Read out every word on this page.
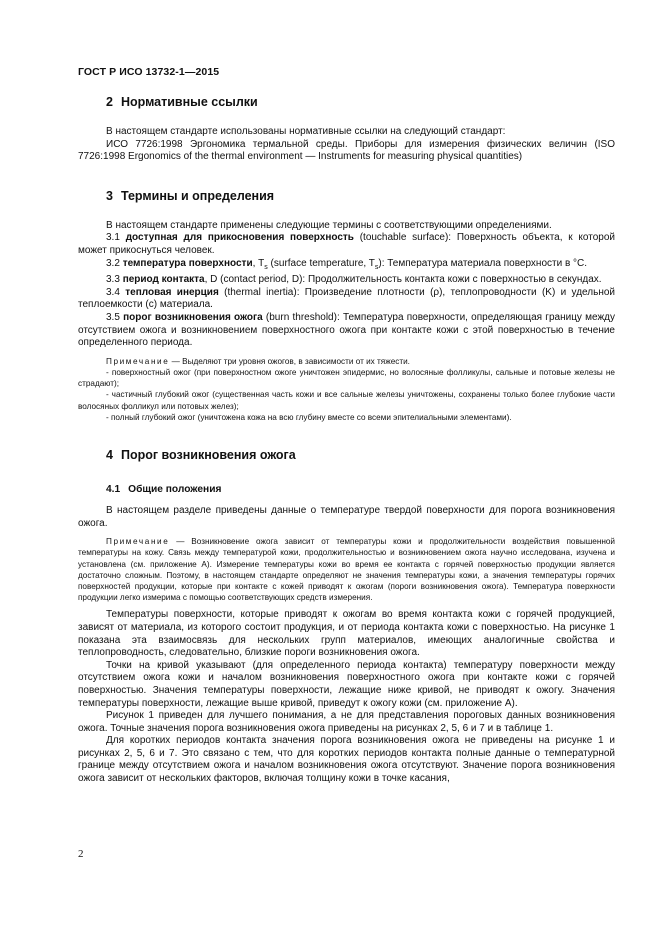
ГОСТ Р ИСО 13732-1—2015
2 Нормативные ссылки

В настоящем стандарте использованы нормативные ссылки на следующий стандарт:

ИСО 7726:1998 Эргономика термальной среды. Приборы для измерения физических величин (ISO 7726:1998 Ergonomics of the thermal environment — Instruments for measuring physical quantities)

3 Термины и определения

В настоящем стандарте применены следующие термины с соответствующими определениями.

3.1 доступная для прикосновения поверхность (touchable surface): Поверхность объекта, к которой может прикоснуться человек.

3.2 температура поверхности, $T_s$ (surface temperature, $T_s$): Температура материала поверхности в °C.

3.3 период контакта, D (contact period, D): Продолжительность контакта кожи с поверхностью в секундах.

3.4 тепловая инерция (thermal inertia): Произведение плотности (ρ), теплопроводности (K) и удельной теплоемкости (c) материала.

3.5 порог возникновения ожога (burn threshold): Температура поверхности, определяющая границу между отсутствием ожога и возникновением поверхностного ожога при контакте кожи с этой поверхностью в течение определенного периода.

Примечание — Выделяют три уровня ожогов, в зависимости от их тяжести.

- поверхностный ожог (при поверхностном ожоге уничтожен эпидермис, но волосяные фолликулы, сальные и потовые железы не страдают);

- частичный глубокий ожог (существенная часть кожи и все сальные железы уничтожены, сохранены только более глубокие части волосяных фолликул или потовых желез);

- полный глубокий ожог (уничтожена кожа на всю глубину вместе со всеми эпителиальными элементами).

4 Порог возникновения ожога
4.1 Общие положения

В настоящем разделе приведены данные о температуре твердой поверхности для порога возникновения ожога.

Примечание — Возникновение ожога зависит от температуры кожи и продолжительности воздействия повышенной температуры на кожу. Связь между температурой кожи, продолжительностью и возникновением ожога научно исследована, изучена и установлена (см. приложение А). Измерение температуры кожи во время ее контакта с горячей поверхностью продукции является достаточно сложным. Поэтому, в настоящем стандарте определяют не значения температуры кожи, а значения температуры горячих поверхностей продукции, которые при контакте с кожей приводят к ожогам (пороги возникновения ожога). Температура поверхности продукции легко измерима с помощью соответствующих средств измерения.

Температуры поверхности, которые приводят к ожогам во время контакта кожи с горячей продукцией, зависят от материала, из которого состоит продукция, и от периода контакта кожи с поверхностью. На рисунке 1 показана эта взаимосвязь для нескольких групп материалов, имеющих аналогичные свойства и теплопроводность, следовательно, близкие пороги возникновения ожога.

Точки на кривой указывают (для определенного периода контакта) температуру поверхности между отсутствием ожога кожи и началом возникновения поверхностного ожога при контакте кожи с горячей поверхностью. Значения температуры поверхности, лежащие ниже кривой, не приводят к ожогу. Значения температуры поверхности, лежащие выше кривой, приведут к ожогу кожи (см. приложение А).

Рисунок 1 приведен для лучшего понимания, а не для представления пороговых данных возникновения ожога. Точные значения порога возникновения ожога приведены на рисунках 2, 5, 6 и 7 и в таблице 1.

Для коротких периодов контакта значения порога возникновения ожога не приведены на рисунке 1 и рисунках 2, 5, 6 и 7. Это связано с тем, что для коротких периодов контакта полные данные о температурной границе между отсутствием ожога и началом возникновения ожога отсутствуют. Значение порога возникновения ожога зависит от нескольких факторов, включая толщину кожи в точке касания,

2
